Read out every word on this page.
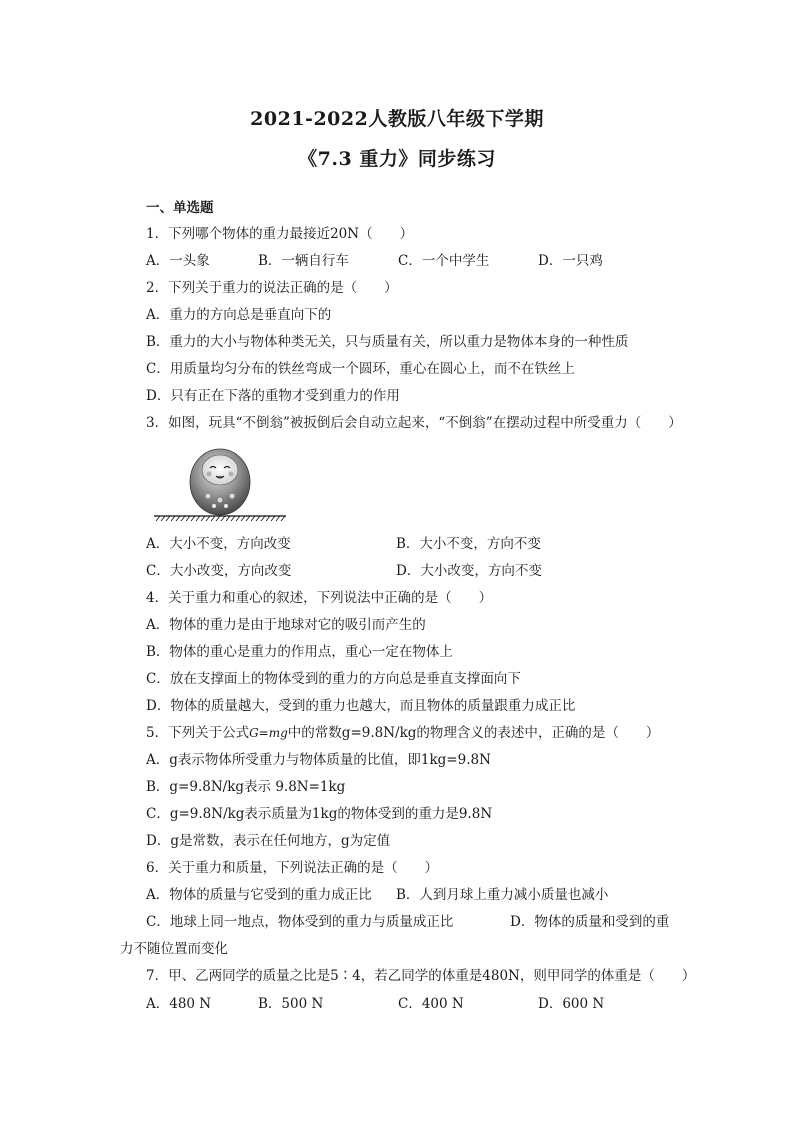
2021-2022人教版八年级下学期
《7.3 重力》同步练习
一、单选题
1．下列哪个物体的重力最接近20N（　　）
A．一头象	B．一辆自行车	C．一个中学生	D．一只鸡
2．下列关于重力的说法正确的是（　　）
A．重力的方向总是垂直向下的
B．重力的大小与物体种类无关，只与质量有关，所以重力是物体本身的一种性质
C．用质量均匀分布的铁丝弯成一个圆环，重心在圆心上，而不在铁丝上
D．只有正在下落的重物才受到重力的作用
3．如图，玩具“不倒翁”被扳倒后会自动立起来，“不倒翁”在摆动过程中所受重力（　　）
A．大小不变，方向改变	B．大小不变，方向不变
C．大小改变，方向改变	D．大小改变，方向不变
4．关于重力和重心的叙述，下列说法中正确的是（　　）
A．物体的重力是由于地球对它的吸引而产生的
B．物体的重心是重力的作用点，重心一定在物体上
C．放在支撑面上的物体受到的重力的方向总是垂直支撑面向下
D．物体的质量越大，受到的重力也越大，而且物体的质量跟重力成正比
5．下列关于公式G=mg中的常数g=9.8N/kg的物理含义的表述中，正确的是（　　）
A．g表示物体所受重力与物体质量的比值，即1kg=9.8N
B．g=9.8N/kg表示 9.8N=1kg
C．g=9.8N/kg表示质量为1kg的物体受到的重力是9.8N
D．g是常数，表示在任何地方，g为定值
6．关于重力和质量，下列说法正确的是（　　）
A．物体的质量与它受到的重力成正比 B．人到月球上重力减小质量也减小
C．地球上同一地点，物体受到的重力与质量成正比	D．物体的质量和受到的重
力不随位置而变化
7．甲、乙两同学的质量之比是5∶4，若乙同学的体重是480N，则甲同学的体重是（　　）
A．480 N	B．500 N	C．400 N	D．600 N
